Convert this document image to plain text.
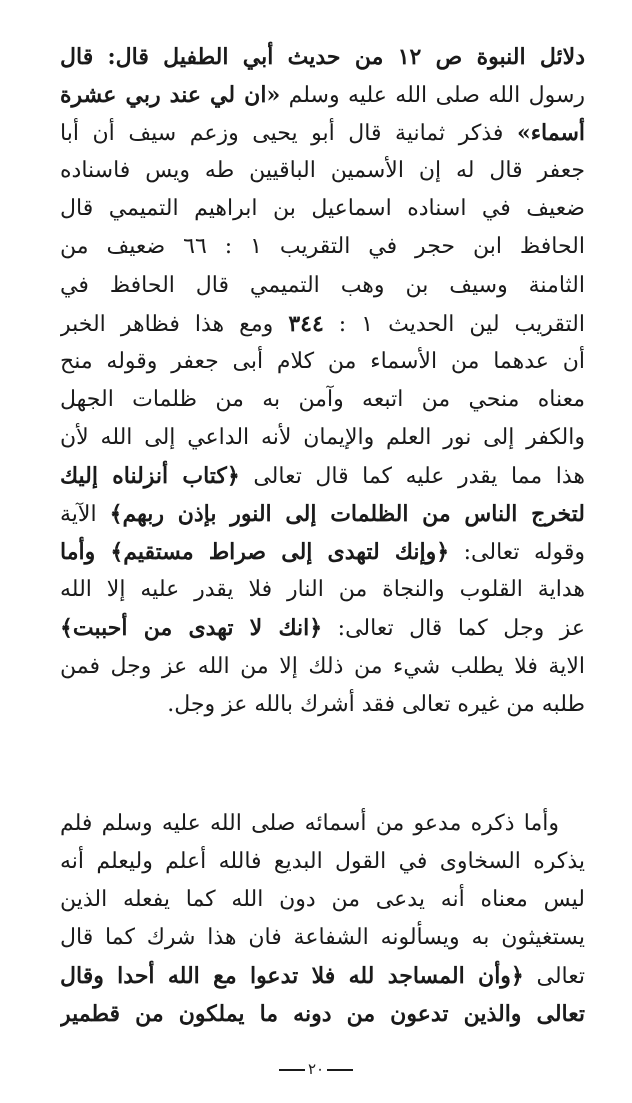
دلائل النبوة ص ١٢ من حديث أبي الطفيل قال: قال
رسول الله صلى الله عليه وسلم «ان لي عند ربي عشرة
أسماء» فذكر ثمانية قال أبو يحيى وزعم سيف أن أبا
جعفر قال له إن الأسمين الباقيين طه ويس فاسناده
ضعيف في اسناده اسماعيل بن ابراهيم التميمي قال
الحافظ ابن حجر في التقريب ١ : ٦٦ ضعيف من
الثامنة وسيف بن وهب التميمي قال الحافظ في
التقريب لين الحديث ١ : ٣٤٤ ومع هذا فظاهر الخبر
أن عدهما من الأسماء من كلام أبى جعفر وقوله منح
معناه منحي من اتبعه وآمن به من ظلمات الجهل
والكفر إلى نور العلم والإيمان لأنه الداعي إلى الله لأن
هذا مما يقدر عليه كما قال تعالى ﴿كتاب أنزلناه إليك
لتخرج الناس من الظلمات إلى النور بإذن ربهم﴾ الآية
وقوله تعالى: ﴿وإنك لتهدى إلى صراط مستقيم﴾ وأما
هداية القلوب والنجاة من النار فلا يقدر عليه إلا الله
عز وجل كما قال تعالى: ﴿انك لا تهدى من أحببت﴾
الاية فلا يطلب شيء من ذلك إلا من الله عز وجل فمن
طلبه من غيره تعالى فقد أشرك بالله عز وجل.
وأما ذكره مدعو من أسمائه صلى الله عليه وسلم فلم
يذكره السخاوى في القول البديع فالله أعلم وليعلم أنه
ليس معناه أنه يدعى من دون الله كما يفعله الذين
يستغيثون به ويسألونه الشفاعة فان هذا شرك كما قال
تعالى ﴿وأن المساجد لله فلا تدعوا مع الله أحدا وقال
تعالى والذين تدعون من دونه ما يملكون من قطمير
٢٠
